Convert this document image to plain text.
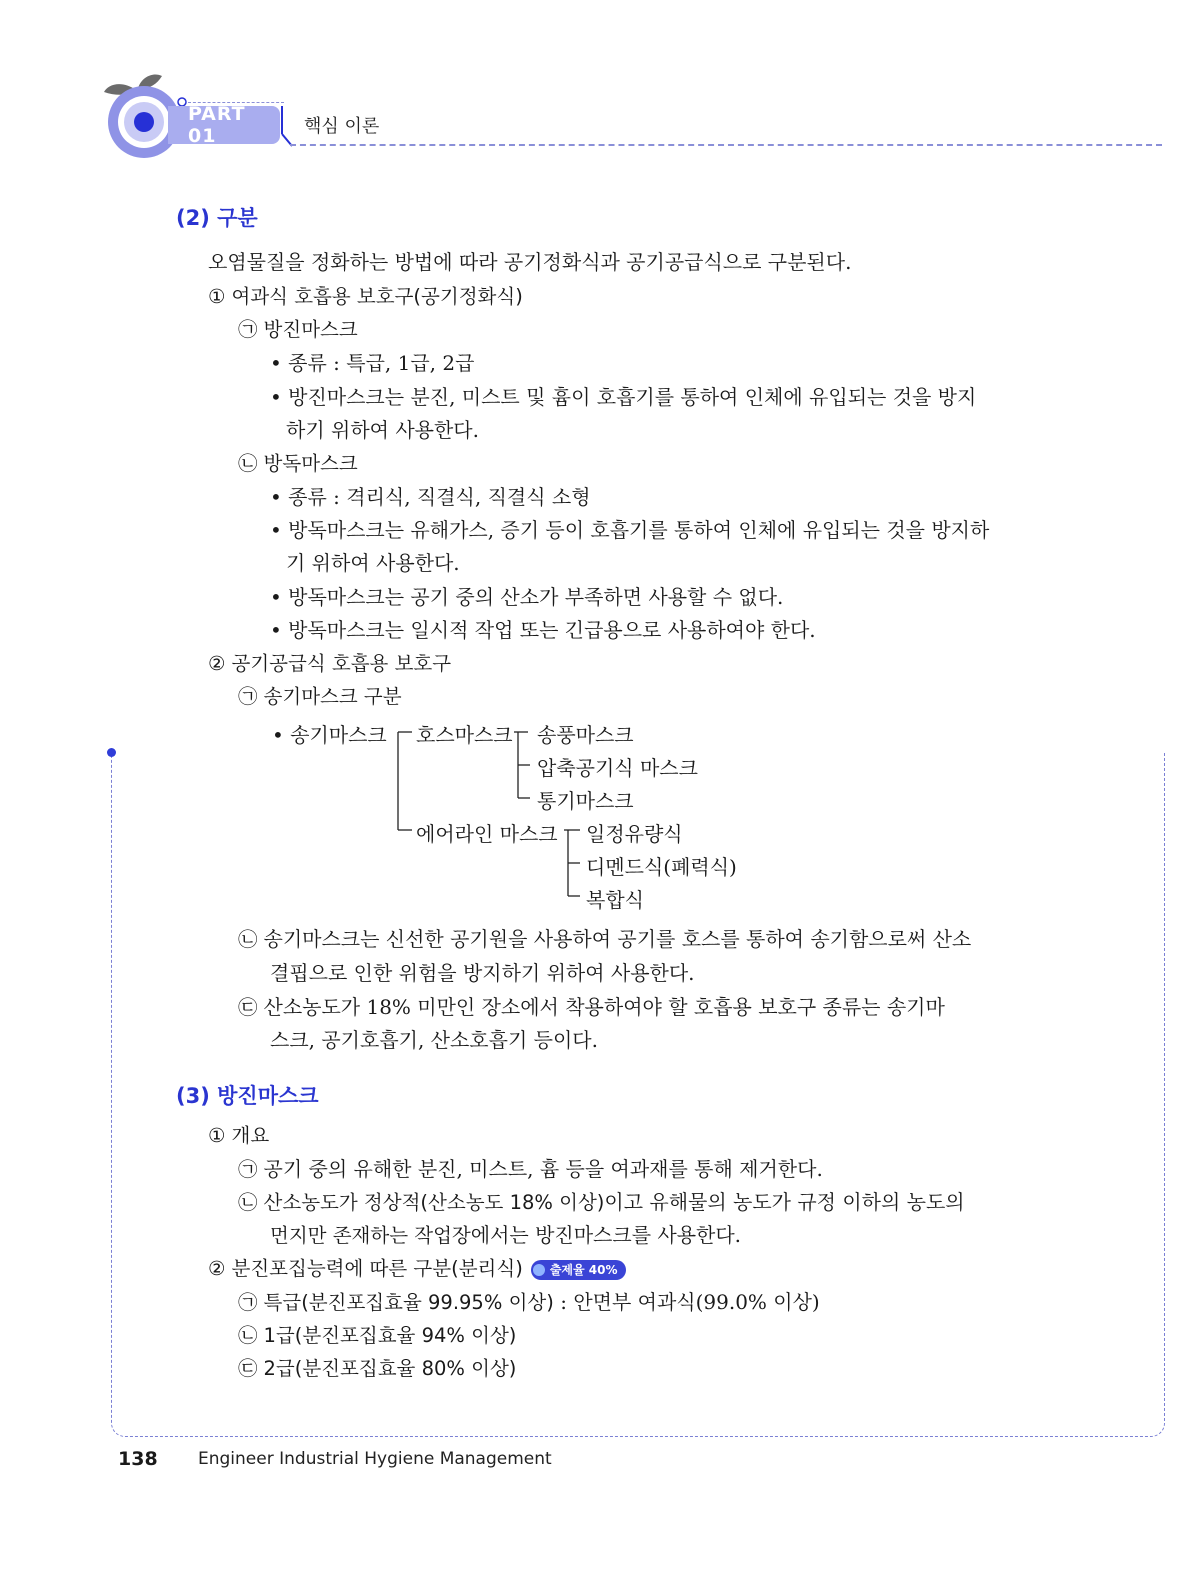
PART 01	핵심 이론
(2) 구분
오염물질을 정화하는 방법에 따라 공기정화식과 공기공급식으로 구분된다.
① 여과식 호흡용 보호구(공기정화식)
㉠ 방진마스크
• 종류 : 특급, 1급, 2급
• 방진마스크는 분진, 미스트 및 흄이 호흡기를 통하여 인체에 유입되는 것을 방지
하기 위하여 사용한다.
㉡ 방독마스크
• 종류 : 격리식, 직결식, 직결식 소형
• 방독마스크는 유해가스, 증기 등이 호흡기를 통하여 인체에 유입되는 것을 방지하
기 위하여 사용한다.
• 방독마스크는 공기 중의 산소가 부족하면 사용할 수 없다.
• 방독마스크는 일시적 작업 또는 긴급용으로 사용하여야 한다.
② 공기공급식 호흡용 보호구
㉠ 송기마스크 구분
• 송기마스크 호스마스크 송풍마스크
압축공기식 마스크
통기마스크
에어라인 마스크 일정유량식
디멘드식(폐력식)
복합식
㉡ 송기마스크는 신선한 공기원을 사용하여 공기를 호스를 통하여 송기함으로써 산소
결핍으로 인한 위험을 방지하기 위하여 사용한다.
㉢ 산소농도가 18% 미만인 장소에서 착용하여야 할 호흡용 보호구 종류는 송기마
스크, 공기호흡기, 산소호흡기 등이다.
(3) 방진마스크
① 개요
㉠ 공기 중의 유해한 분진, 미스트, 흄 등을 여과재를 통해 제거한다.
㉡ 산소농도가 정상적(산소농도 18% 이상)이고 유해물의 농도가 규정 이하의 농도의
먼지만 존재하는 작업장에서는 방진마스크를 사용한다.
② 분진포집능력에 따른 구분(분리식) 출제율 40%
㉠ 특급(분진포집효율 99.95% 이상) : 안면부 여과식(99.0% 이상)
㉡ 1급(분진포집효율 94% 이상)
㉢ 2급(분진포집효율 80% 이상)
138 Engineer Industrial Hygiene Management
